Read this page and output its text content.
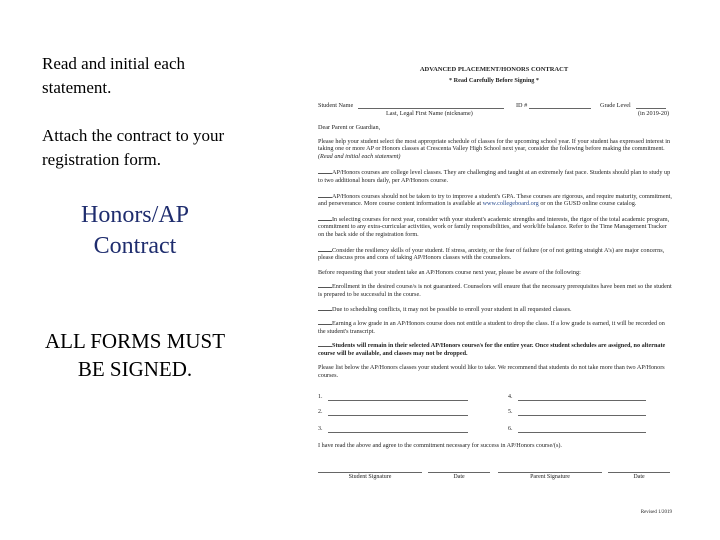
Read and initial each statement.
Attach the contract to your registration form.
Honors/AP Contract
ALL FORMS MUST BE SIGNED.
ADVANCED PLACEMENT/HONORS CONTRACT
* Read Carefully Before Signing *
Student Name
Last, Legal First Name (nickname)
ID #	Grade Level
(in 2019-20)

Dear Parent or Guardian,

Please help your student select the most appropriate schedule of classes for the upcoming school year. If your student has expressed interest in taking one or more AP or Honors classes at Crescenta Valley High School next year, consider the following before making the commitment. (Read and initial each statement)

AP/Honors courses are college level classes. They are challenging and taught at an extremely fast pace. Students should plan to study up to two additional hours daily, per AP/Honors course.

AP/Honors courses should not be taken to try to improve a student's GPA. These courses are rigorous, and require maturity, commitment, and perseverance. More course content information is available at www.collegeboard.org or on the GUSD online course catalog.

In selecting courses for next year, consider with your student's academic strengths and interests, the rigor of the total academic program, commitment to any extra-curricular activities, work or family responsibilities, and work/life balance. Refer to the Time Management Tracker on the back side of the registration form.

Consider the resiliency skills of your student. If stress, anxiety, or the fear of failure (or of not getting straight A's) are major concerns, please discuss pros and cons of taking AP/Honors classes with the counselors.

Before requesting that your student take an AP/Honors course next year, please be aware of the following:

Enrollment in the desired course/s is not guaranteed. Counselors will ensure that the necessary prerequisites have been met so the student is prepared to be successful in the course.

Due to scheduling conflicts, it may not be possible to enroll your student in all requested classes.

Earning a low grade in an AP/Honors course does not entitle a student to drop the class. If a low grade is earned, it will be recorded on the student's transcript.

Students will remain in their selected AP/Honors course/s for the entire year. Once student schedules are assigned, no alternate course will be available, and classes may not be dropped.

Please list below the AP/Honors classes your student would like to take. We recommend that students do not take more than two AP/Honors courses.

1.
2.
3.
4.
5.
6.
I have read the above and agree to the commitment necessary for success in AP/Honors course/(s).
Student Signature	Date	Parent Signature	Date
Revised 1/2019
